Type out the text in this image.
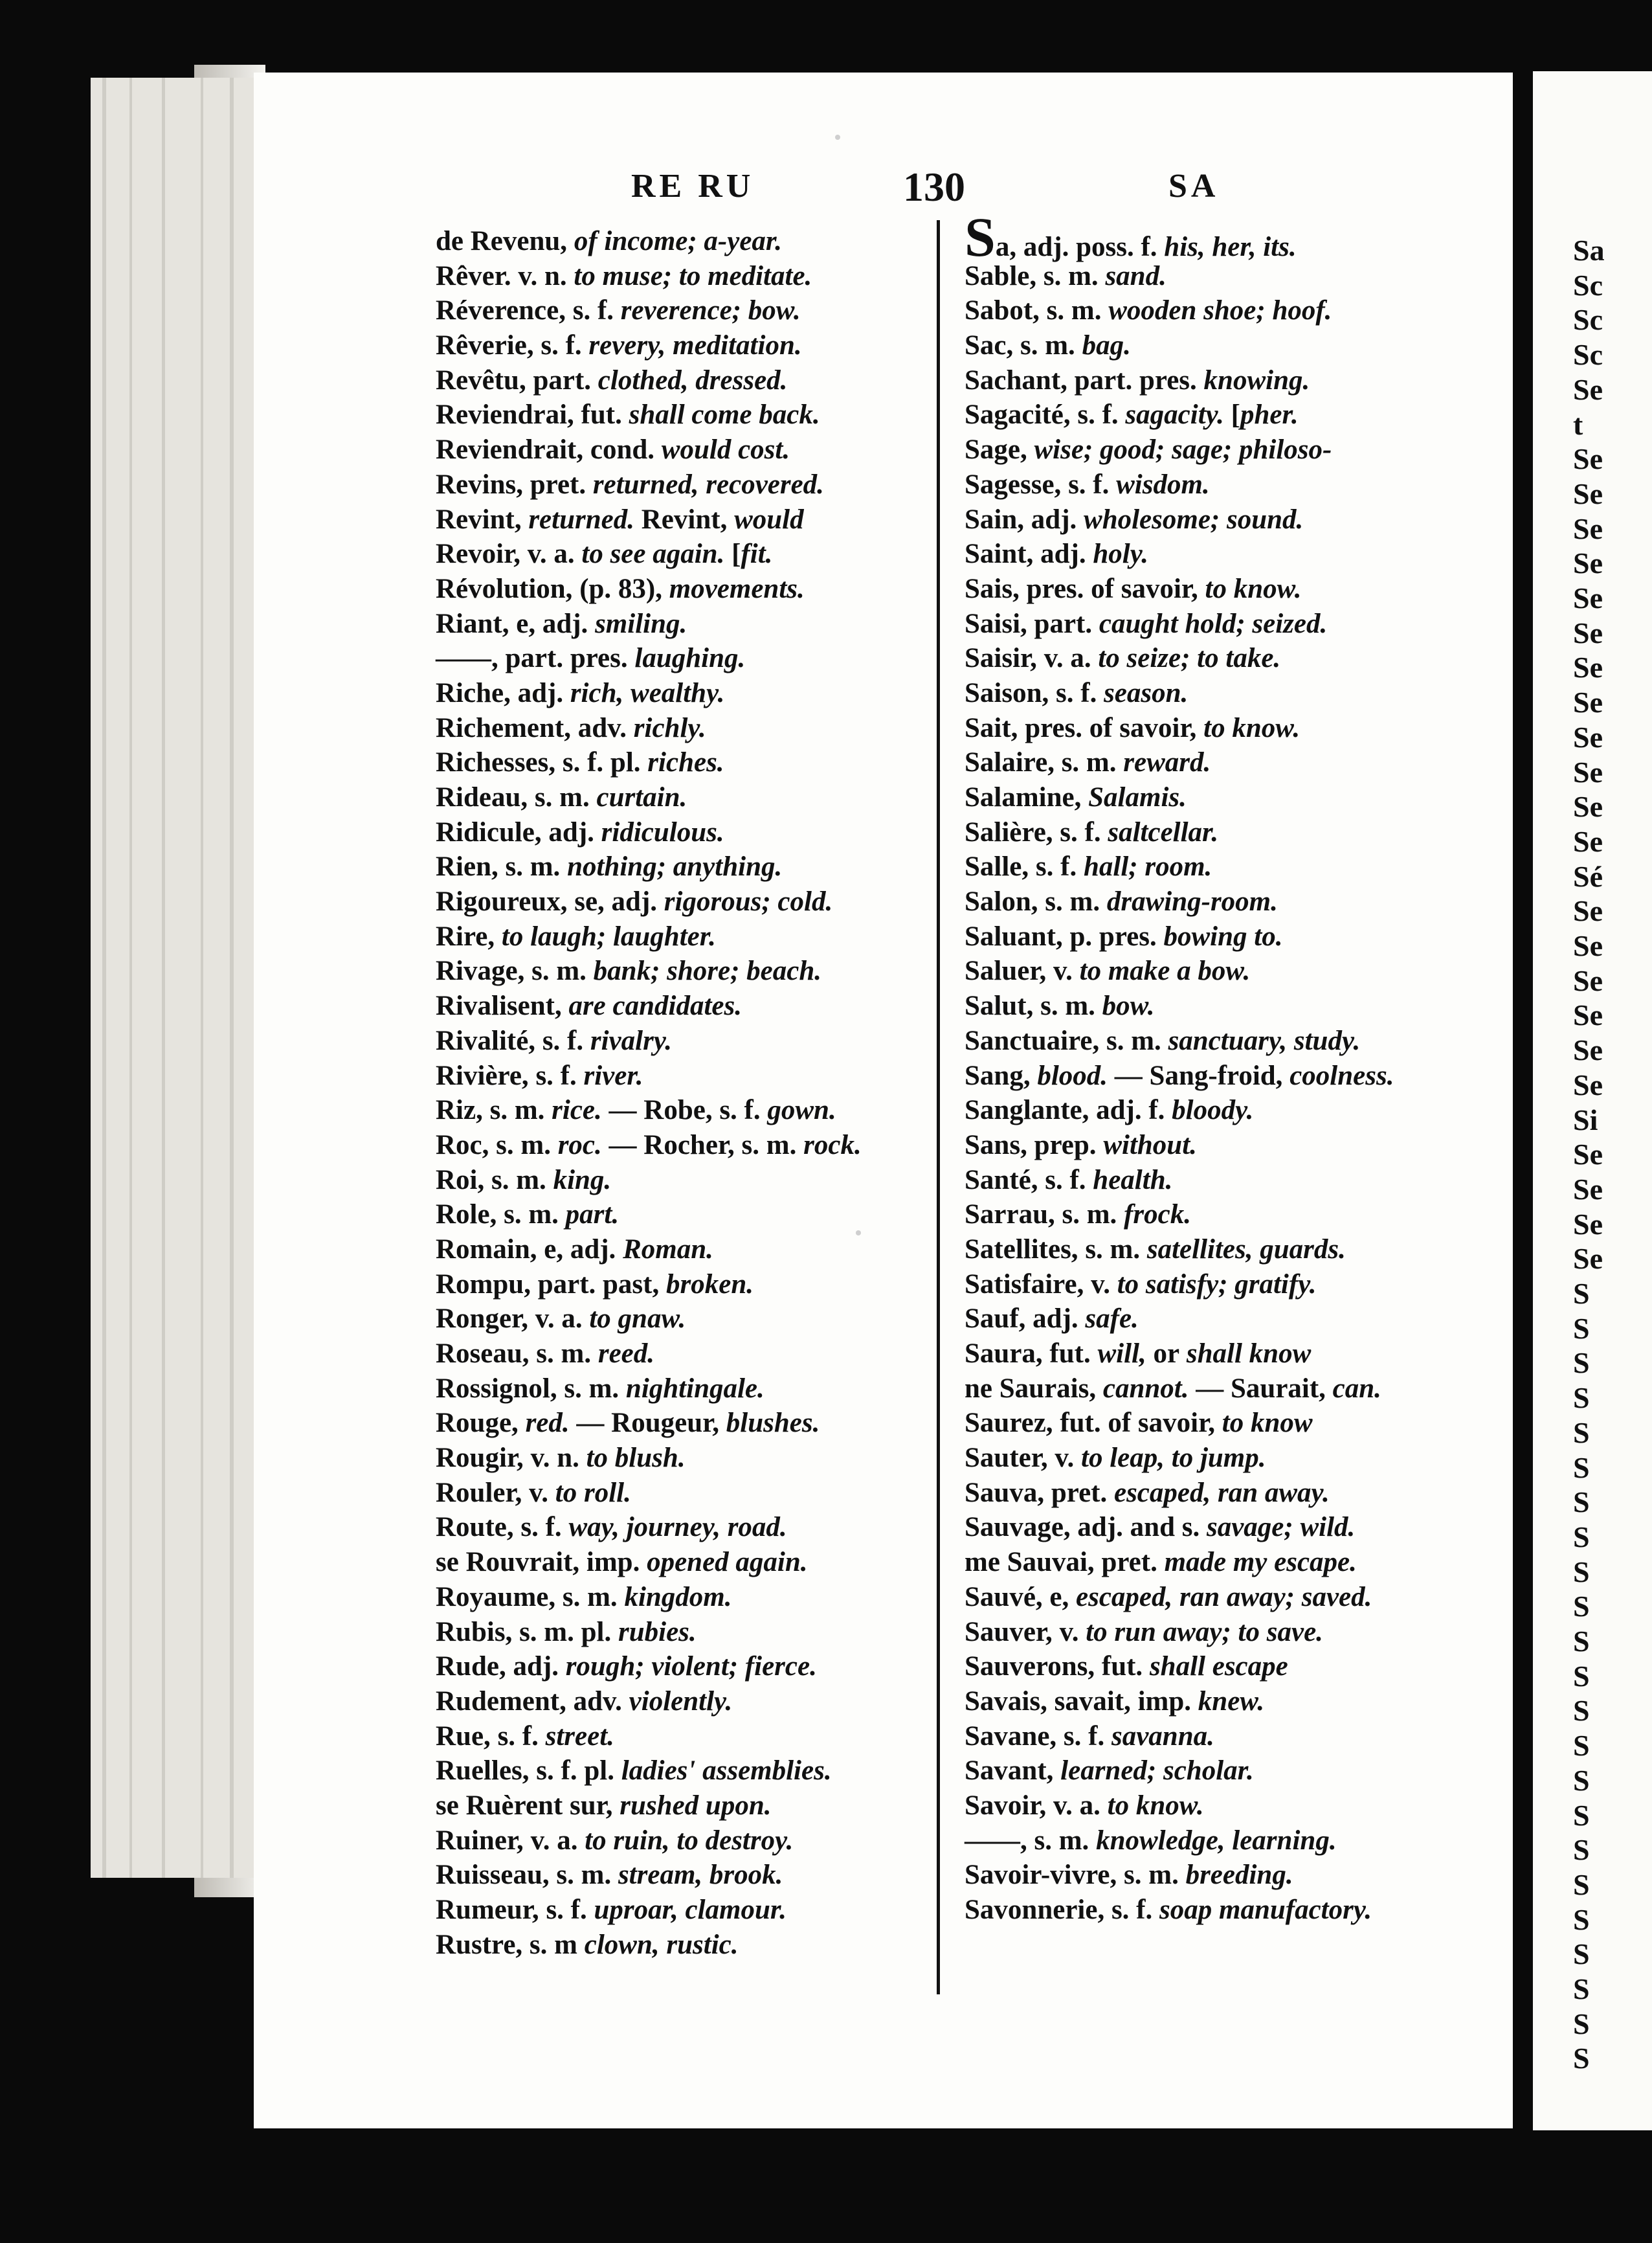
RE RU	130	SA
de Revenu, of income; a-year.
Rêver. v. n. to muse; to meditate.
Réverence, s. f. reverence; bow.
Rêverie, s. f. revery, meditation.
Revêtu, part. clothed, dressed.
Reviendrai, fut. shall come back.
Reviendrait, cond. would cost.
Revins, pret. returned, recovered.
Revint, returned. Revint, would
Revoir, v. a. to see again. [fit.
Révolution, (p. 83), movements.
Riant, e, adj. smiling.
——, part. pres. laughing.
Riche, adj. rich, wealthy.
Richement, adv. richly.
Richesses, s. f. pl. riches.
Rideau, s. m. curtain.
Ridicule, adj. ridiculous.
Rien, s. m. nothing; anything.
Rigoureux, se, adj. rigorous; cold.
Rire, to laugh; laughter.
Rivage, s. m. bank; shore; beach.
Rivalisent, are candidates.
Rivalité, s. f. rivalry.
Rivière, s. f. river.
Riz, s. m. rice. — Robe, s. f. gown.
Roc, s. m. roc. — Rocher, s. m. rock.
Roi, s. m. king.
Role, s. m. part.
Romain, e, adj. Roman.
Rompu, part. past, broken.
Ronger, v. a. to gnaw.
Roseau, s. m. reed.
Rossignol, s. m. nightingale.
Rouge, red. — Rougeur, blushes.
Rougir, v. n. to blush.
Rouler, v. to roll.
Route, s. f. way, journey, road.
se Rouvrait, imp. opened again.
Royaume, s. m. kingdom.
Rubis, s. m. pl. rubies.
Rude, adj. rough; violent; fierce.
Rudement, adv. violently.
Rue, s. f. street.
Ruelles, s. f. pl. ladies' assemblies.
se Ruèrent sur, rushed upon.
Ruiner, v. a. to ruin, to destroy.
Ruisseau, s. m. stream, brook.
Rumeur, s. f. uproar, clamour.
Rustre, s. m clown, rustic.
Sa, adj. poss. f. his, her, its.
Sable, s. m. sand.
Sabot, s. m. wooden shoe; hoof.
Sac, s. m. bag.
Sachant, part. pres. knowing.
Sagacité, s. f. sagacity. [pher.
Sage, wise; good; sage; philoso-
Sagesse, s. f. wisdom.
Sain, adj. wholesome; sound.
Saint, adj. holy.
Sais, pres. of savoir, to know.
Saisi, part. caught hold; seized.
Saisir, v. a. to seize; to take.
Saison, s. f. season.
Sait, pres. of savoir, to know.
Salaire, s. m. reward.
Salamine, Salamis.
Salière, s. f. saltcellar.
Salle, s. f. hall; room.
Salon, s. m. drawing-room.
Saluant, p. pres. bowing to.
Saluer, v. to make a bow.
Salut, s. m. bow.
Sanctuaire, s. m. sanctuary, study.
Sang, blood. — Sang-froid, coolness.
Sanglante, adj. f. bloody.
Sans, prep. without.
Santé, s. f. health.
Sarrau, s. m. frock.
Satellites, s. m. satellites, guards.
Satisfaire, v. to satisfy; gratify.
Sauf, adj. safe.
Saura, fut. will, or shall know
ne Saurais, cannot. — Saurait, can.
Saurez, fut. of savoir, to know
Sauter, v. to leap, to jump.
Sauva, pret. escaped, ran away.
Sauvage, adj. and s. savage; wild.
me Sauvai, pret. made my escape.
Sauvé, e, escaped, ran away; saved.
Sauver, v. to run away; to save.
Sauverons, fut. shall escape
Savais, savait, imp. knew.
Savane, s. f. savanna.
Savant, learned; scholar.
Savoir, v. a. to know.
——, s. m. knowledge, learning.
Savoir-vivre, s. m. breeding.
Savonnerie, s. f. soap manufactory.
Sa
Sc
Sc
Sc
Se
t
Se
Se
Se
Se
Se
Se
Se
Se
Se
Se
Se
Se
Sé
Se
Se
Se
Se
Se
Se
Si
Se
Se
Se
Se
S
S
S
S
S
S
S
S
S
S
S
S
S
S
S
S
S
S
S
S
S
S
S
